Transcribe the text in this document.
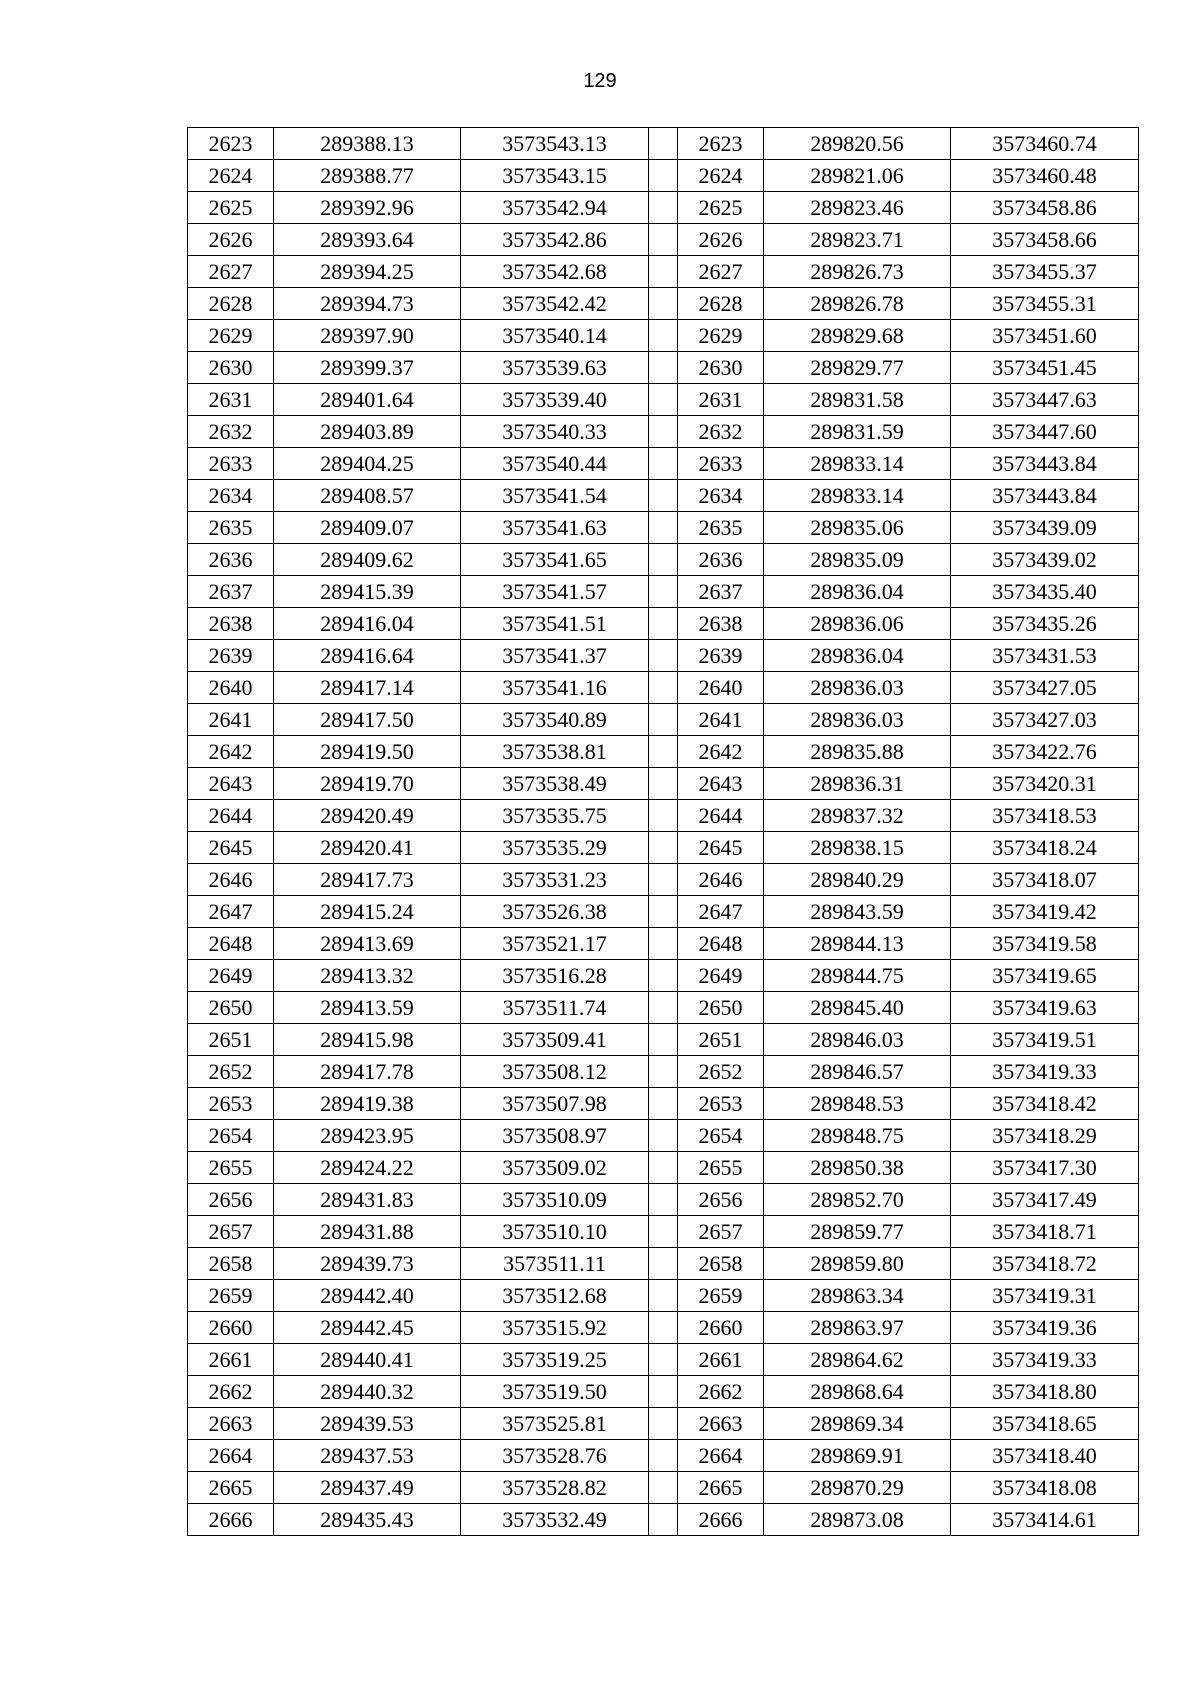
129
2623	289388.13	3573543.13		2623	289820.56	3573460.74
2624	289388.77	3573543.15		2624	289821.06	3573460.48
2625	289392.96	3573542.94		2625	289823.46	3573458.86
2626	289393.64	3573542.86		2626	289823.71	3573458.66
2627	289394.25	3573542.68		2627	289826.73	3573455.37
2628	289394.73	3573542.42		2628	289826.78	3573455.31
2629	289397.90	3573540.14		2629	289829.68	3573451.60
2630	289399.37	3573539.63		2630	289829.77	3573451.45
2631	289401.64	3573539.40		2631	289831.58	3573447.63
2632	289403.89	3573540.33		2632	289831.59	3573447.60
2633	289404.25	3573540.44		2633	289833.14	3573443.84
2634	289408.57	3573541.54		2634	289833.14	3573443.84
2635	289409.07	3573541.63		2635	289835.06	3573439.09
2636	289409.62	3573541.65		2636	289835.09	3573439.02
2637	289415.39	3573541.57		2637	289836.04	3573435.40
2638	289416.04	3573541.51		2638	289836.06	3573435.26
2639	289416.64	3573541.37		2639	289836.04	3573431.53
2640	289417.14	3573541.16		2640	289836.03	3573427.05
2641	289417.50	3573540.89		2641	289836.03	3573427.03
2642	289419.50	3573538.81		2642	289835.88	3573422.76
2643	289419.70	3573538.49		2643	289836.31	3573420.31
2644	289420.49	3573535.75		2644	289837.32	3573418.53
2645	289420.41	3573535.29		2645	289838.15	3573418.24
2646	289417.73	3573531.23		2646	289840.29	3573418.07
2647	289415.24	3573526.38		2647	289843.59	3573419.42
2648	289413.69	3573521.17		2648	289844.13	3573419.58
2649	289413.32	3573516.28		2649	289844.75	3573419.65
2650	289413.59	3573511.74		2650	289845.40	3573419.63
2651	289415.98	3573509.41		2651	289846.03	3573419.51
2652	289417.78	3573508.12		2652	289846.57	3573419.33
2653	289419.38	3573507.98		2653	289848.53	3573418.42
2654	289423.95	3573508.97		2654	289848.75	3573418.29
2655	289424.22	3573509.02		2655	289850.38	3573417.30
2656	289431.83	3573510.09		2656	289852.70	3573417.49
2657	289431.88	3573510.10		2657	289859.77	3573418.71
2658	289439.73	3573511.11		2658	289859.80	3573418.72
2659	289442.40	3573512.68		2659	289863.34	3573419.31
2660	289442.45	3573515.92		2660	289863.97	3573419.36
2661	289440.41	3573519.25		2661	289864.62	3573419.33
2662	289440.32	3573519.50		2662	289868.64	3573418.80
2663	289439.53	3573525.81		2663	289869.34	3573418.65
2664	289437.53	3573528.76		2664	289869.91	3573418.40
2665	289437.49	3573528.82		2665	289870.29	3573418.08
2666	289435.43	3573532.49		2666	289873.08	3573414.61
